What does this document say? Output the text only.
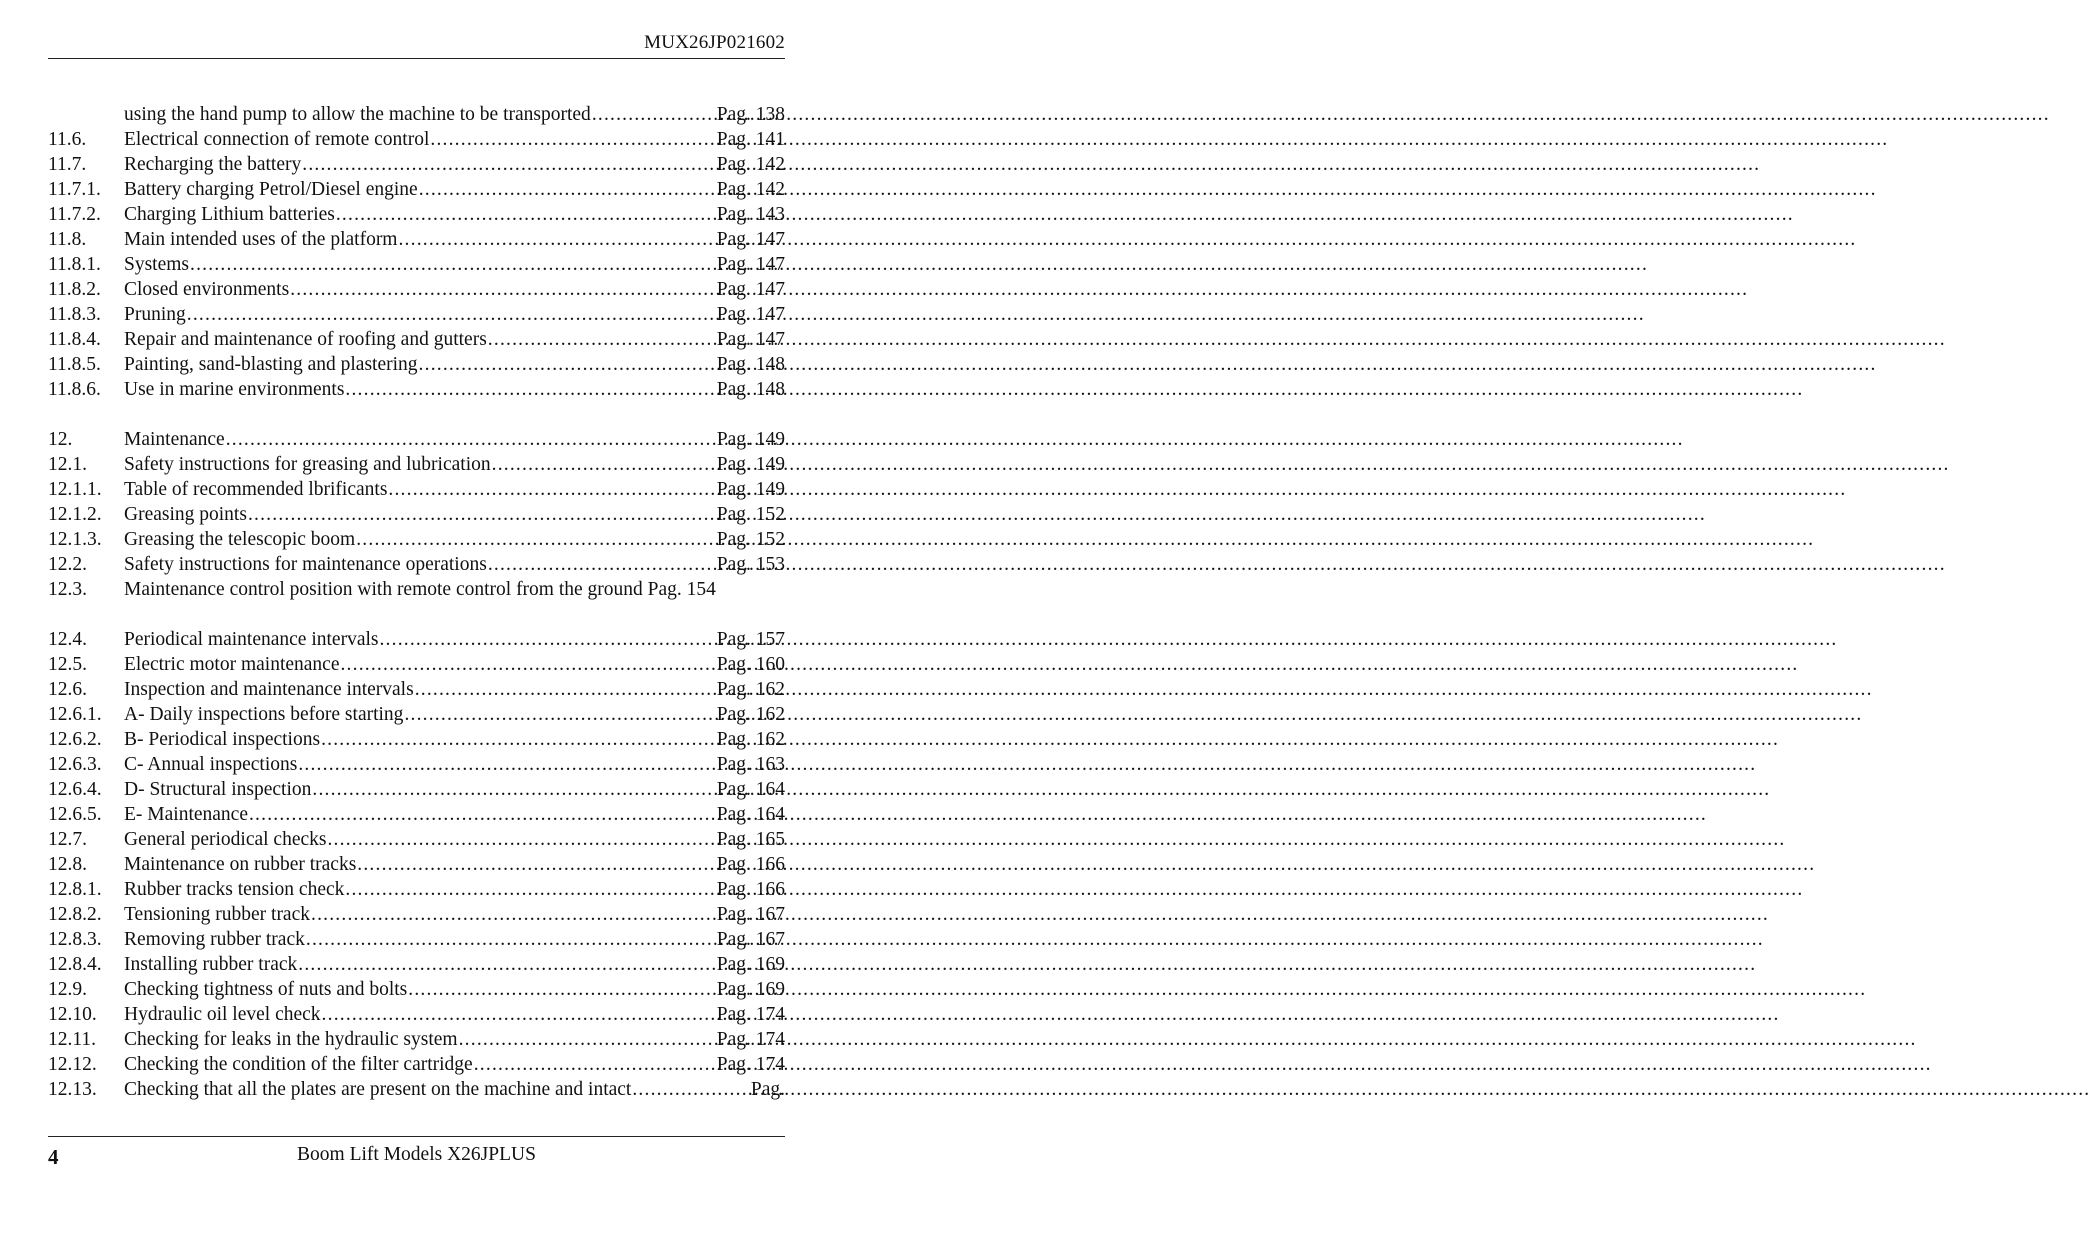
MUX26JP021602
using the hand pump to allow the machine to be transported .....	Pag. 138
11.6.	Electrical connection of remote control .....	Pag. 141
11.7.	Recharging the battery .....	Pag. 142
11.7.1.	Battery charging Petrol/Diesel engine .....	Pag. 142
11.7.2.	Charging Lithium batteries .....	Pag. 143
11.8.	Main intended uses of the platform .....	Pag. 147
11.8.1.	Systems .....	Pag. 147
11.8.2.	Closed environments .....	Pag. 147
11.8.3.	Pruning .....	Pag. 147
11.8.4.	Repair and maintenance of roofing and gutters .....	Pag. 147
11.8.5.	Painting, sand-blasting and plastering .....	Pag. 148
11.8.6.	Use in marine environments .....	Pag. 148
12.	Maintenance .....	Pag. 149
12.1.	Safety instructions for greasing and lubrication .....	Pag. 149
12.1.1.	Table of recommended lbrificants .....	Pag. 149
12.1.2.	Greasing points .....	Pag. 152
12.1.3.	Greasing the telescopic boom .....	Pag. 152
12.2.	Safety instructions for maintenance operations .....	Pag. 153
12.3.	Maintenance control position with remote control from the ground Pag. 154
12.4.	Periodical maintenance intervals .....	Pag. 157
12.5.	Electric motor maintenance .....	Pag. 160
12.6.	Inspection and maintenance intervals .....	Pag. 162
12.6.1.	A- Daily inspections before starting .....	Pag. 162
12.6.2.	B- Periodical inspections .....	Pag. 162
12.6.3.	C- Annual inspections .....	Pag. 163
12.6.4.	D- Structural inspection .....	Pag. 164
12.6.5.	E- Maintenance .....	Pag. 164
12.7.	General periodical checks .....	Pag. 165
12.8.	Maintenance on rubber tracks .....	Pag. 166
12.8.1.	Rubber tracks tension check .....	Pag. 166
12.8.2.	Tensioning rubber track .....	Pag. 167
12.8.3.	Removing rubber track .....	Pag. 167
12.8.4.	Installing rubber track .....	Pag. 169
12.9.	Checking tightness of nuts and bolts .....	Pag. 169
12.10.	Hydraulic oil level check .....	Pag. 174
12.11.	Checking for leaks in the hydraulic system .....	Pag. 174
12.12.	Checking the condition of the filter cartridge .....	Pag. 174
12.13.	Checking that all the plates are present on the machine and intact .....	Pag.
4	Boom Lift Models X26JPLUS
